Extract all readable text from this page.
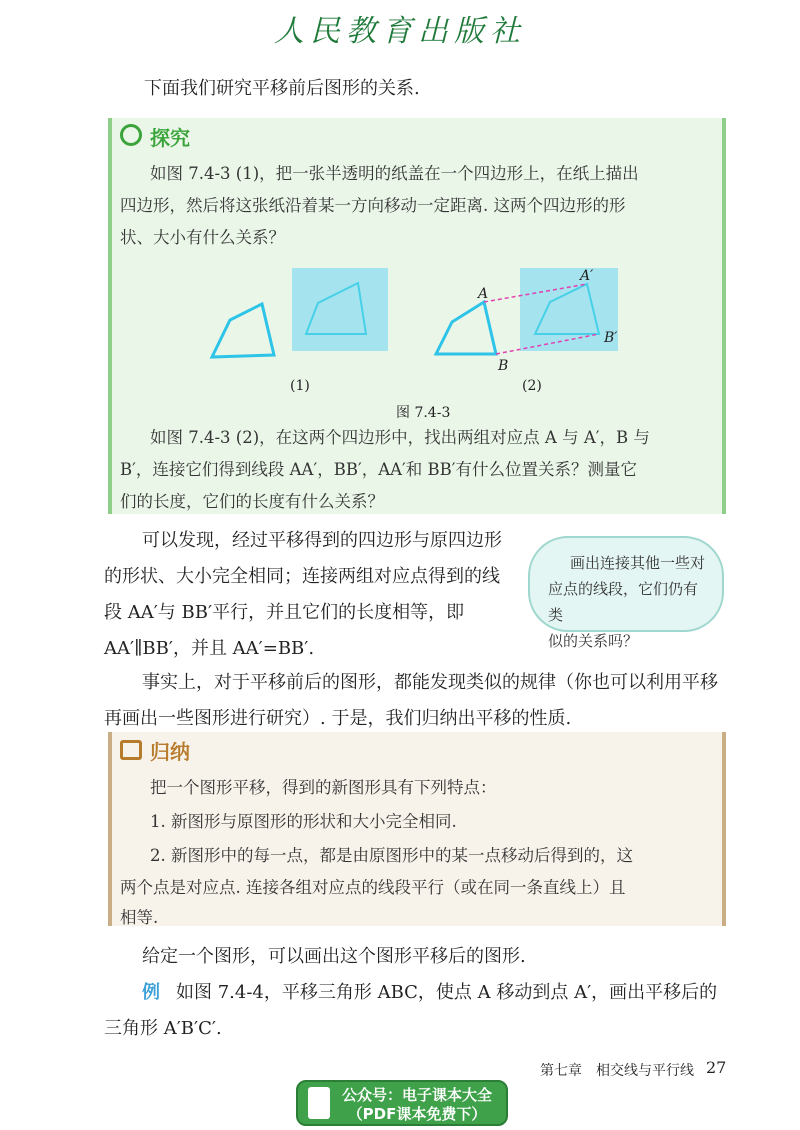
人民教育出版社
下面我们研究平移前后图形的关系.
探究
如图 7.4-3 (1)，把一张半透明的纸盖在一个四边形上，在纸上描出
四边形，然后将这张纸沿着某一方向移动一定距离. 这两个四边形的形
状、大小有什么关系？
A
A′
B
B′
(1)	(2)
图 7.4-3
如图 7.4-3 (2)，在这两个四边形中，找出两组对应点 A 与 A′，B 与
B′，连接它们得到线段 AA′，BB′，AA′和 BB′有什么位置关系？测量它
们的长度，它们的长度有什么关系？
可以发现，经过平移得到的四边形与原四边形
的形状、大小完全相同；连接两组对应点得到的线
段 AA′与 BB′平行，并且它们的长度相等，即
AA′∥BB′，并且 AA′=BB′.
画出连接其他一些对
应点的线段，它们仍有类
似的关系吗？
事实上，对于平移前后的图形，都能发现类似的规律（你也可以利用平移
再画出一些图形进行研究）. 于是，我们归纳出平移的性质.
归纳
把一个图形平移，得到的新图形具有下列特点：
1. 新图形与原图形的形状和大小完全相同.
2. 新图形中的每一点，都是由原图形中的某一点移动后得到的，这
两个点是对应点. 连接各组对应点的线段平行（或在同一条直线上）且
相等.
给定一个图形，可以画出这个图形平移后的图形.
例 如图 7.4-4，平移三角形 ABC，使点 A 移动到点 A′，画出平移后的
三角形 A′B′C′.
第七章　相交线与平行线 27
公众号：电子课本大全
（PDF课本免费下）
